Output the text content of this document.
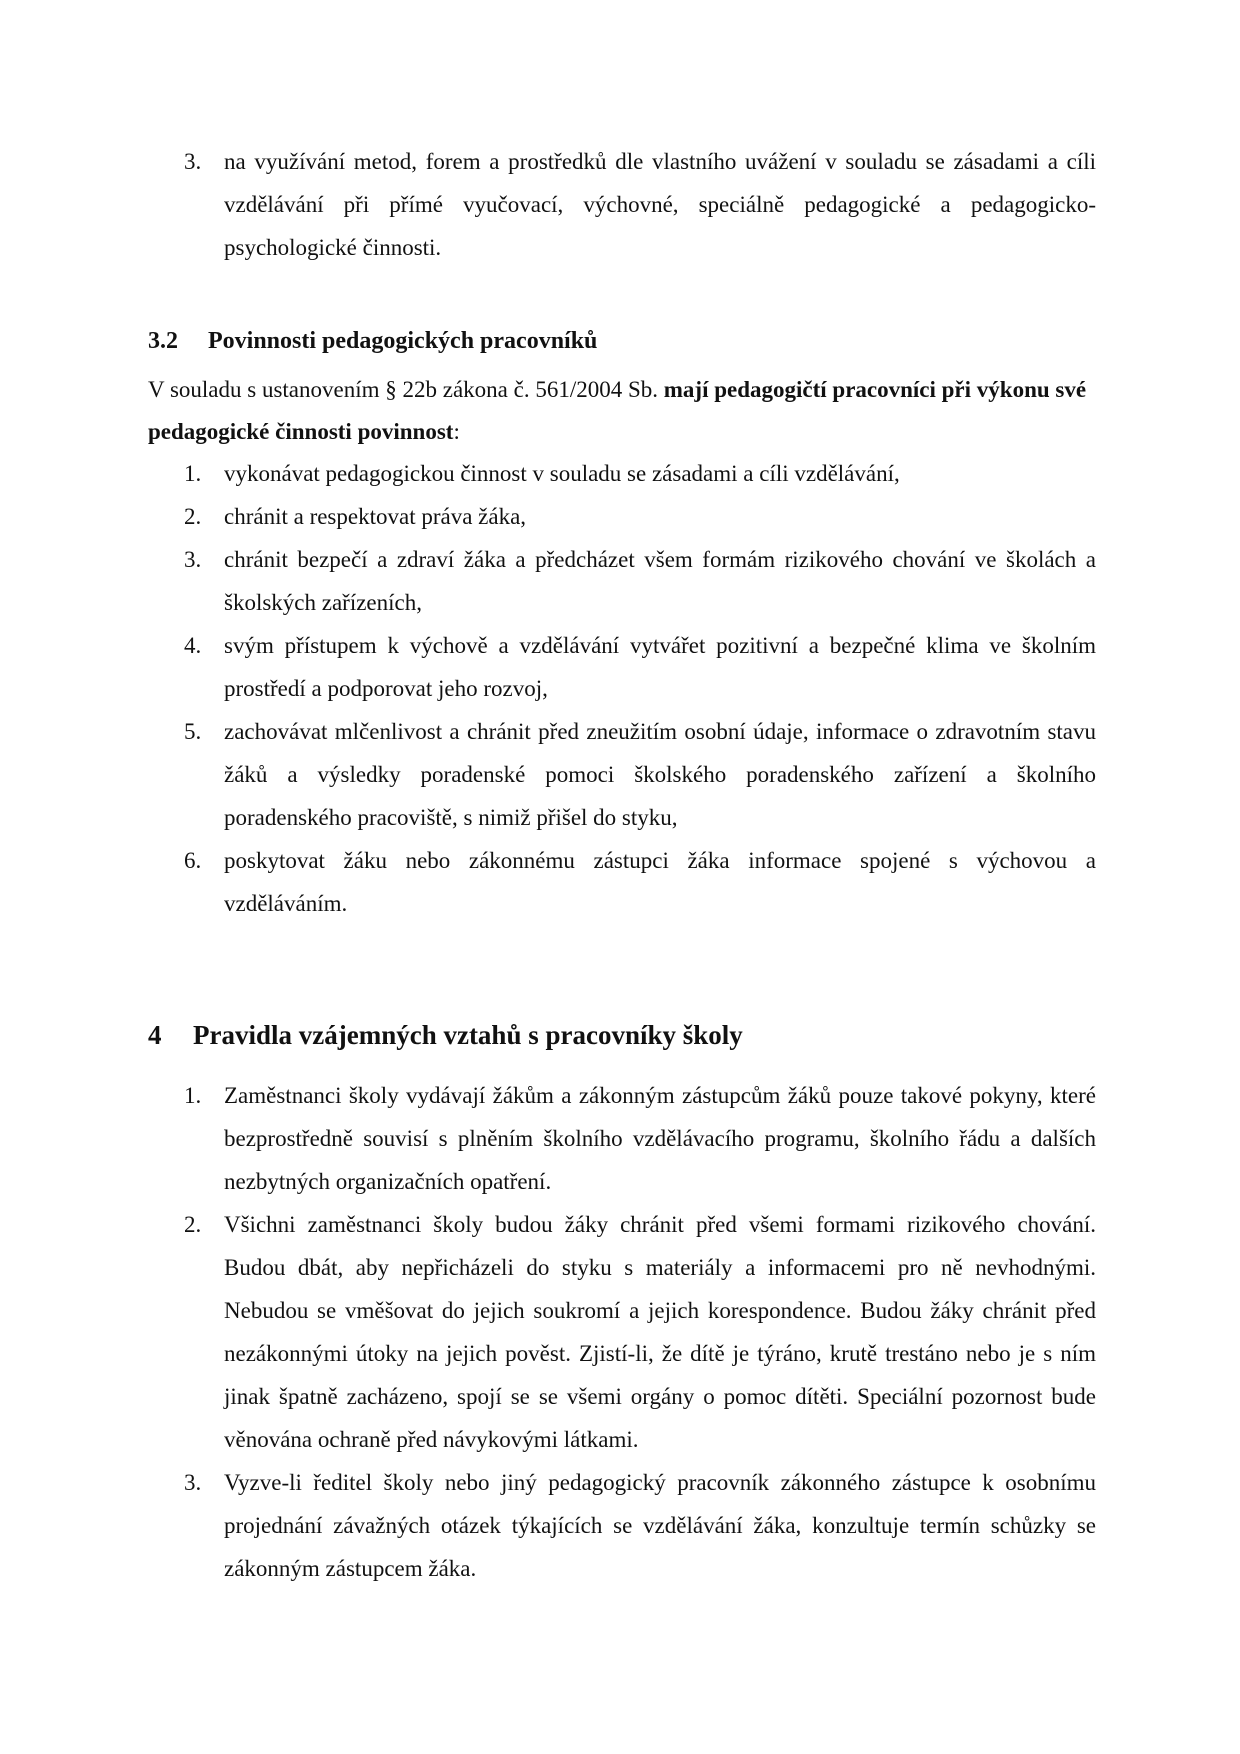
3. na využívání metod, forem a prostředků dle vlastního uvážení v souladu se zásadami a cíli vzdělávání při přímé vyučovací, výchovné, speciálně pedagogické a pedagogicko-psychologické činnosti.
3.2 Povinnosti pedagogických pracovníků

V souladu s ustanovením § 22b zákona č. 561/2004 Sb. mají pedagogičtí pracovníci při výkonu své pedagogické činnosti povinnost:

1. vykonávat pedagogickou činnost v souladu se zásadami a cíli vzdělávání,
2. chránit a respektovat práva žáka,
3. chránit bezpečí a zdraví žáka a předcházet všem formám rizikového chování ve školách a školských zařízeních,
4. svým přístupem k výchově a vzdělávání vytvářet pozitivní a bezpečné klima ve školním prostředí a podporovat jeho rozvoj,
5. zachovávat mlčenlivost a chránit před zneužitím osobní údaje, informace o zdravotním stavu žáků a výsledky poradenské pomoci školského poradenského zařízení a školního poradenského pracoviště, s nimiž přišel do styku,
6. poskytovat žáku nebo zákonnému zástupci žáka informace spojené s výchovou a vzděláváním.
4 Pravidla vzájemných vztahů s pracovníky školy
1. Zaměstnanci školy vydávají žákům a zákonným zástupcům žáků pouze takové pokyny, které bezprostředně souvisí s plněním školního vzdělávacího programu, školního řádu a dalších nezbytných organizačních opatření.
2. Všichni zaměstnanci školy budou žáky chránit před všemi formami rizikového chování. Budou dbát, aby nepřicházeli do styku s materiály a informacemi pro ně nevhodnými. Nebudou se vměšovat do jejich soukromí a jejich korespondence. Budou žáky chránit před nezákonnými útoky na jejich pověst. Zjistí-li, že dítě je týráno, krutě trestáno nebo je s ním jinak špatně zacházeno, spojí se se všemi orgány o pomoc dítěti. Speciální pozornost bude věnována ochraně před návykovými látkami.
3. Vyzve-li ředitel školy nebo jiný pedagogický pracovník zákonného zástupce k osobnímu projednání závažných otázek týkajících se vzdělávání žáka, konzultuje termín schůzky se zákonným zástupcem žáka.
